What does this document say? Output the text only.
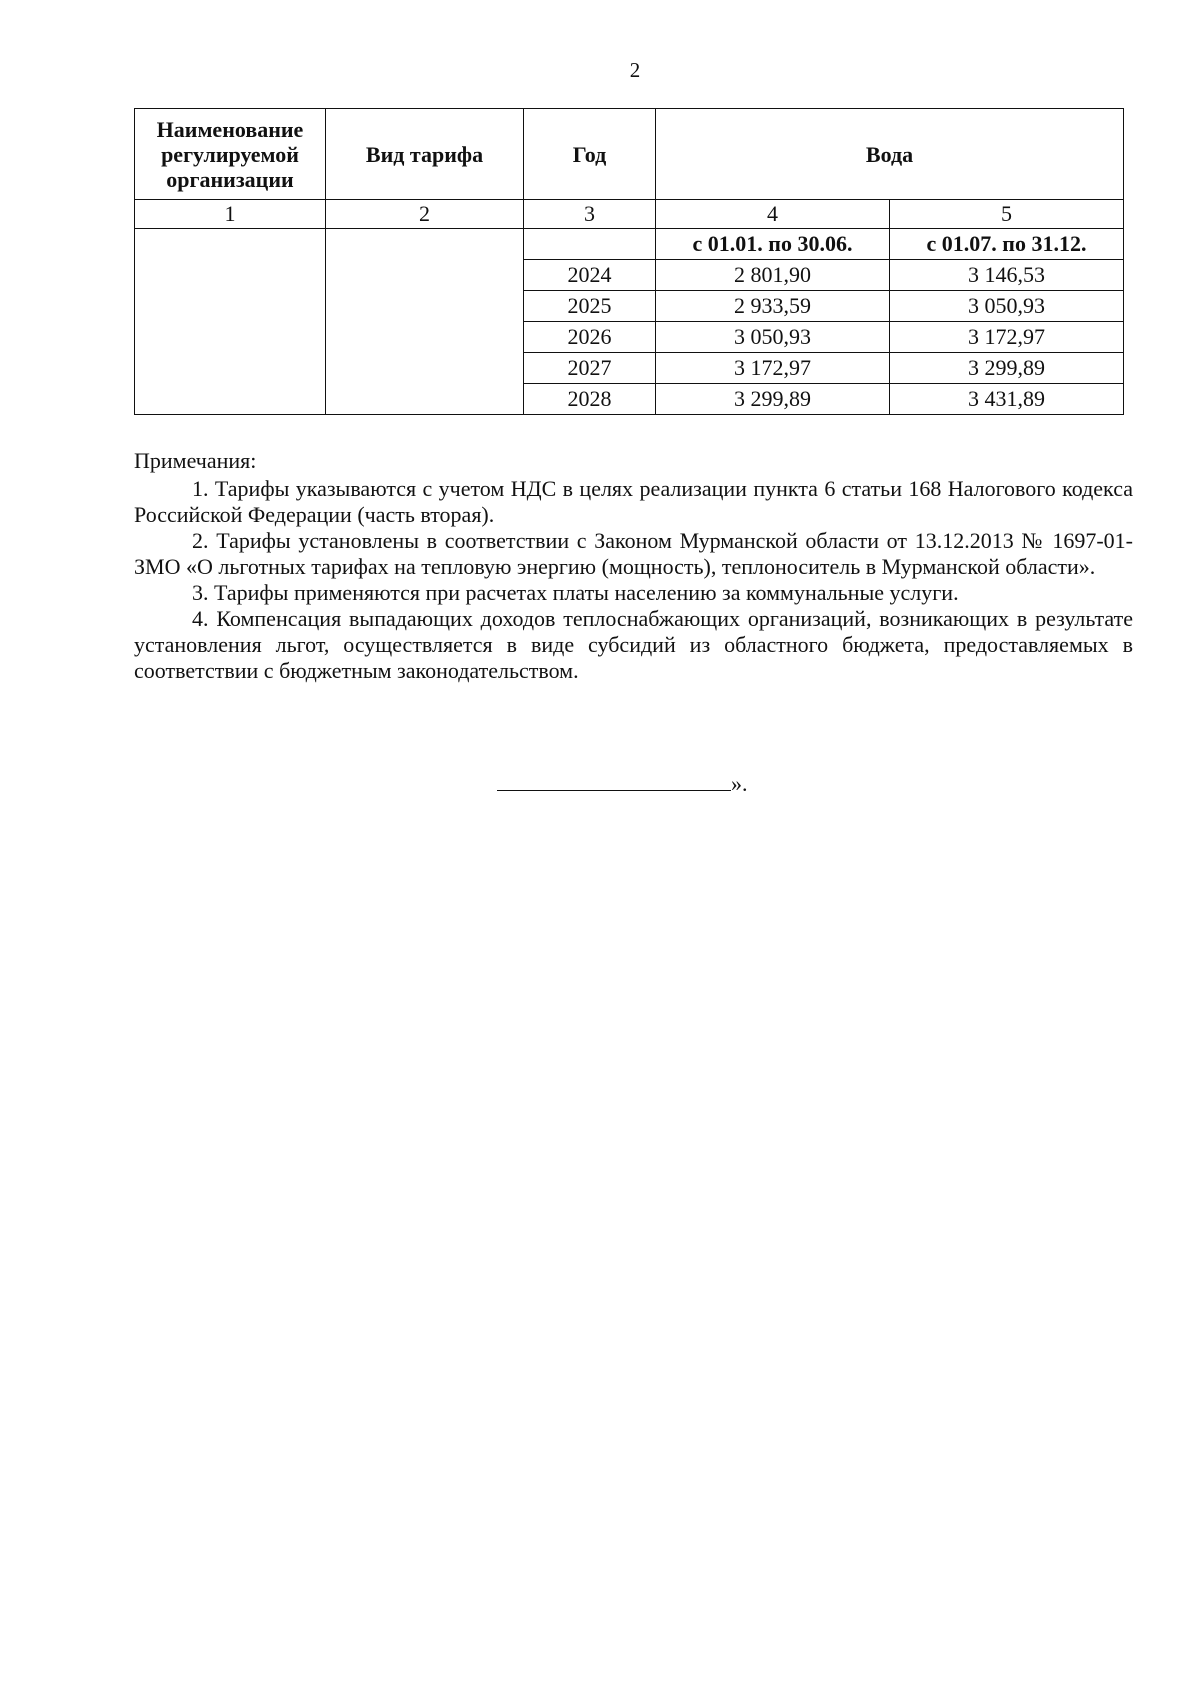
2
Наименование регулируемой организации	Вид тарифа	Год	Вода	
1	2	3	4	5
			с 01.01. по 30.06.	с 01.07. по 31.12.
		2024	2 801,90	3 146,53
		2025	2 933,59	3 050,93
		2026	3 050,93	3 172,97
		2027	3 172,97	3 299,89
		2028	3 299,89	3 431,89

Примечания:

1. Тарифы указываются с учетом НДС в целях реализации пункта 6 статьи 168 Налогового кодекса Российской Федерации (часть вторая).

2. Тарифы установлены в соответствии с Законом Мурманской области от 13.12.2013 № 1697-01-ЗМО «О льготных тарифах на тепловую энергию (мощность), теплоноситель в Мурманской области».

3. Тарифы применяются при расчетах платы населению за коммунальные услуги.

4. Компенсация выпадающих доходов теплоснабжающих организаций, возникающих в результате установления льгот, осуществляется в виде субсидий из областного бюджета, предоставляемых в соответствии с бюджетным законодательством.

».
